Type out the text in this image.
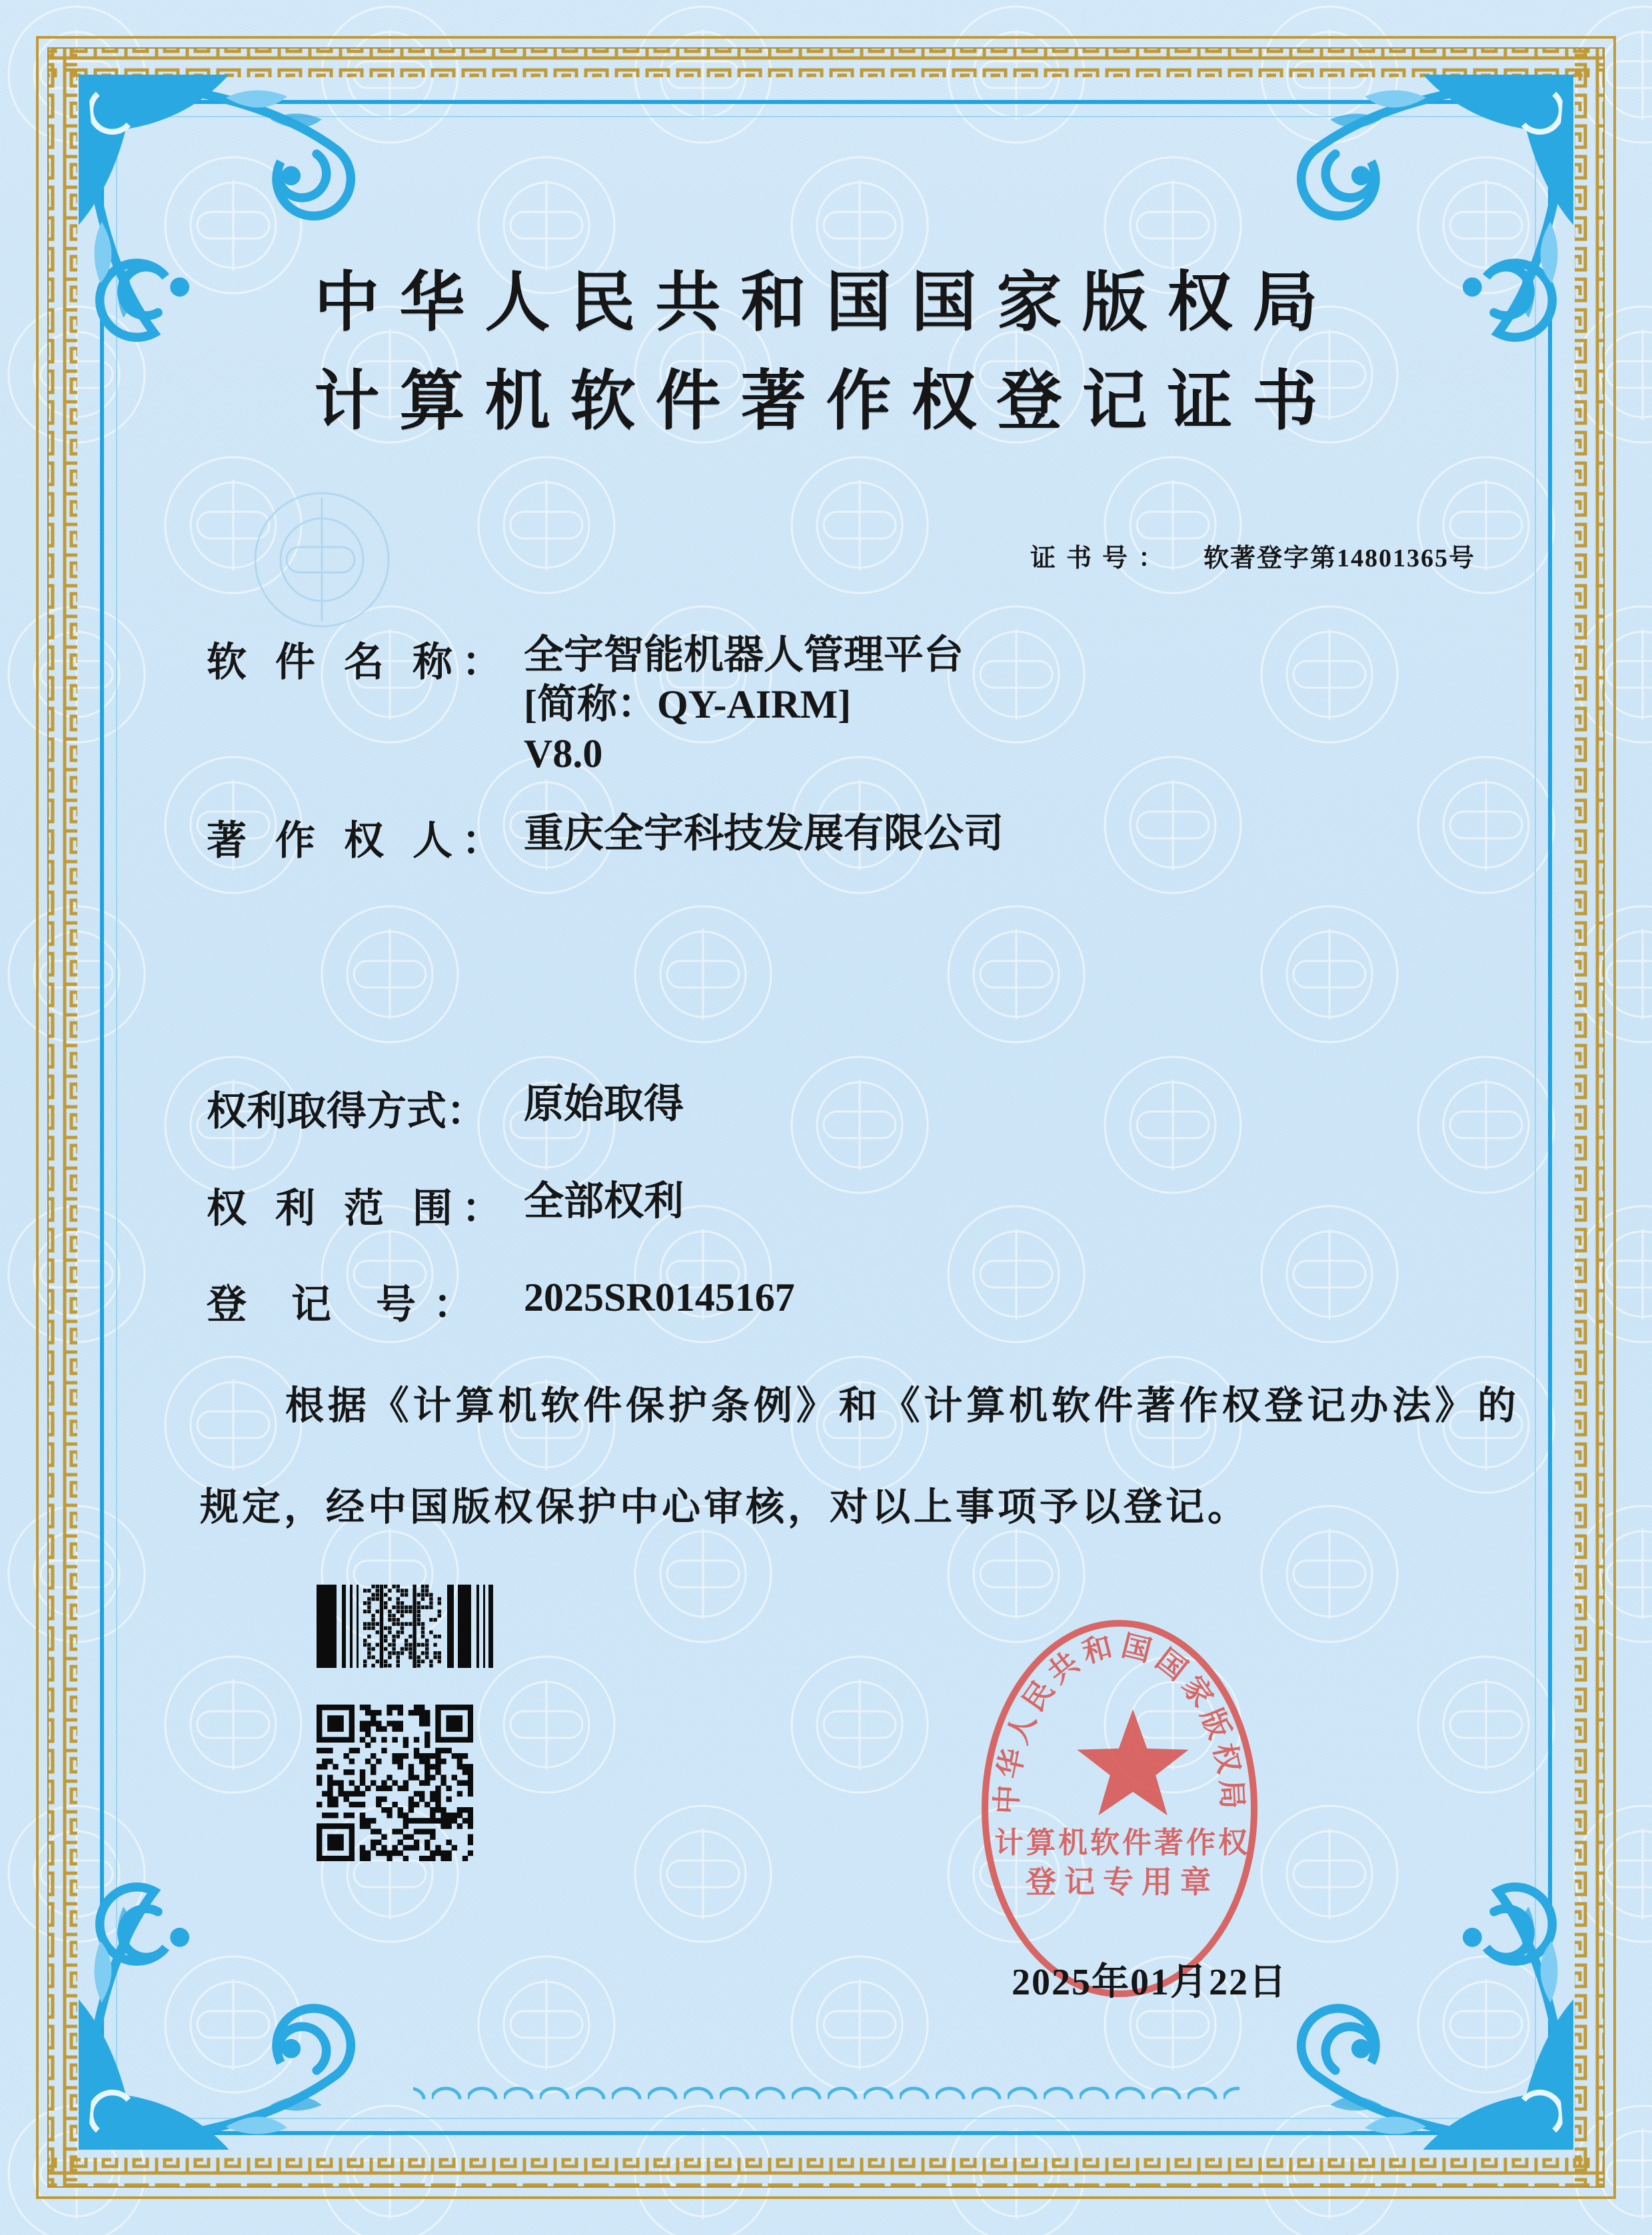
中华人民共和国国家版权局
计算机软件著作权登记证书
证书号： 软著登字第14801365号
软 件 名 称： 全宇智能机器人管理平台
[简称：QY-AIRM]
V8.0
著 作 权 人： 重庆全宇科技发展有限公司
权利取得方式： 原始取得
权 利 范 围： 全部权利
登 记 号： 2025SR0145167
根据《计算机软件保护条例》和《计算机软件著作权登记办法》的规定，经中国版权保护中心审核，对以上事项予以登记。
中华人民共和国国家版权局
计算机软件著作权
登记专用章
2025年01月22日
